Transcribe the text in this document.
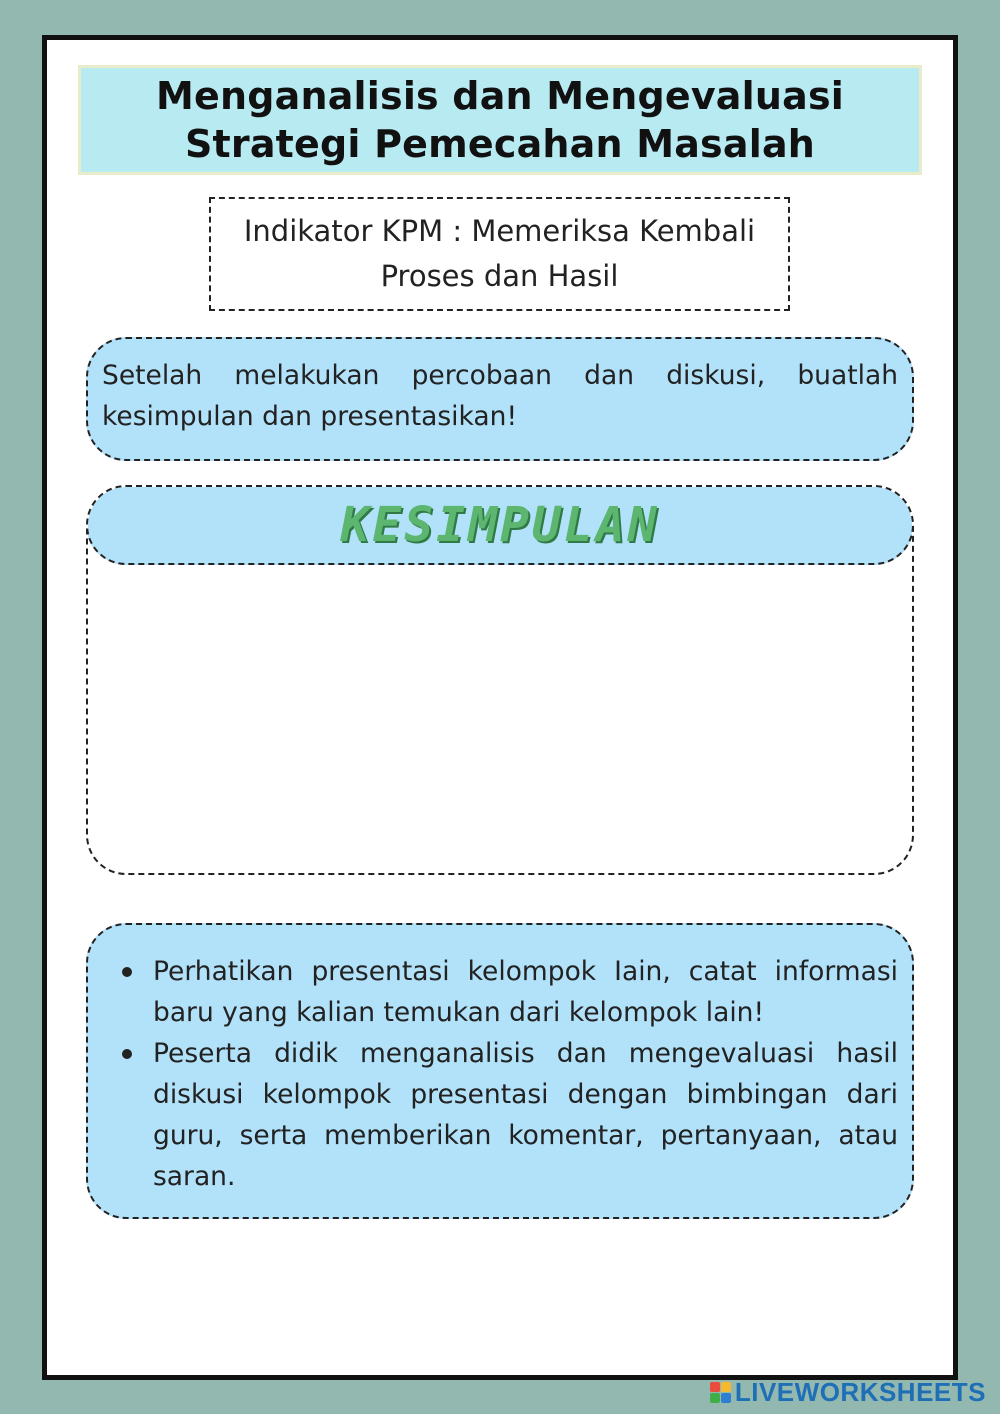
Menganalisis dan Mengevaluasi
Strategi Pemecahan Masalah
Indikator KPM : Memeriksa Kembali
Proses dan Hasil

Setelah melakukan percobaan dan diskusi, buatlah kesimpulan dan presentasikan!

KESIMPULAN
Perhatikan presentasi kelompok Iain, catat informasi baru yang kalian temukan dari kelompok lain!
Peserta didik menganalisis dan mengevaluasi hasil diskusi kelompok presentasi dengan bimbingan dari guru, serta memberikan komentar, pertanyaan, atau saran.
LIVEWORKSHEETS
